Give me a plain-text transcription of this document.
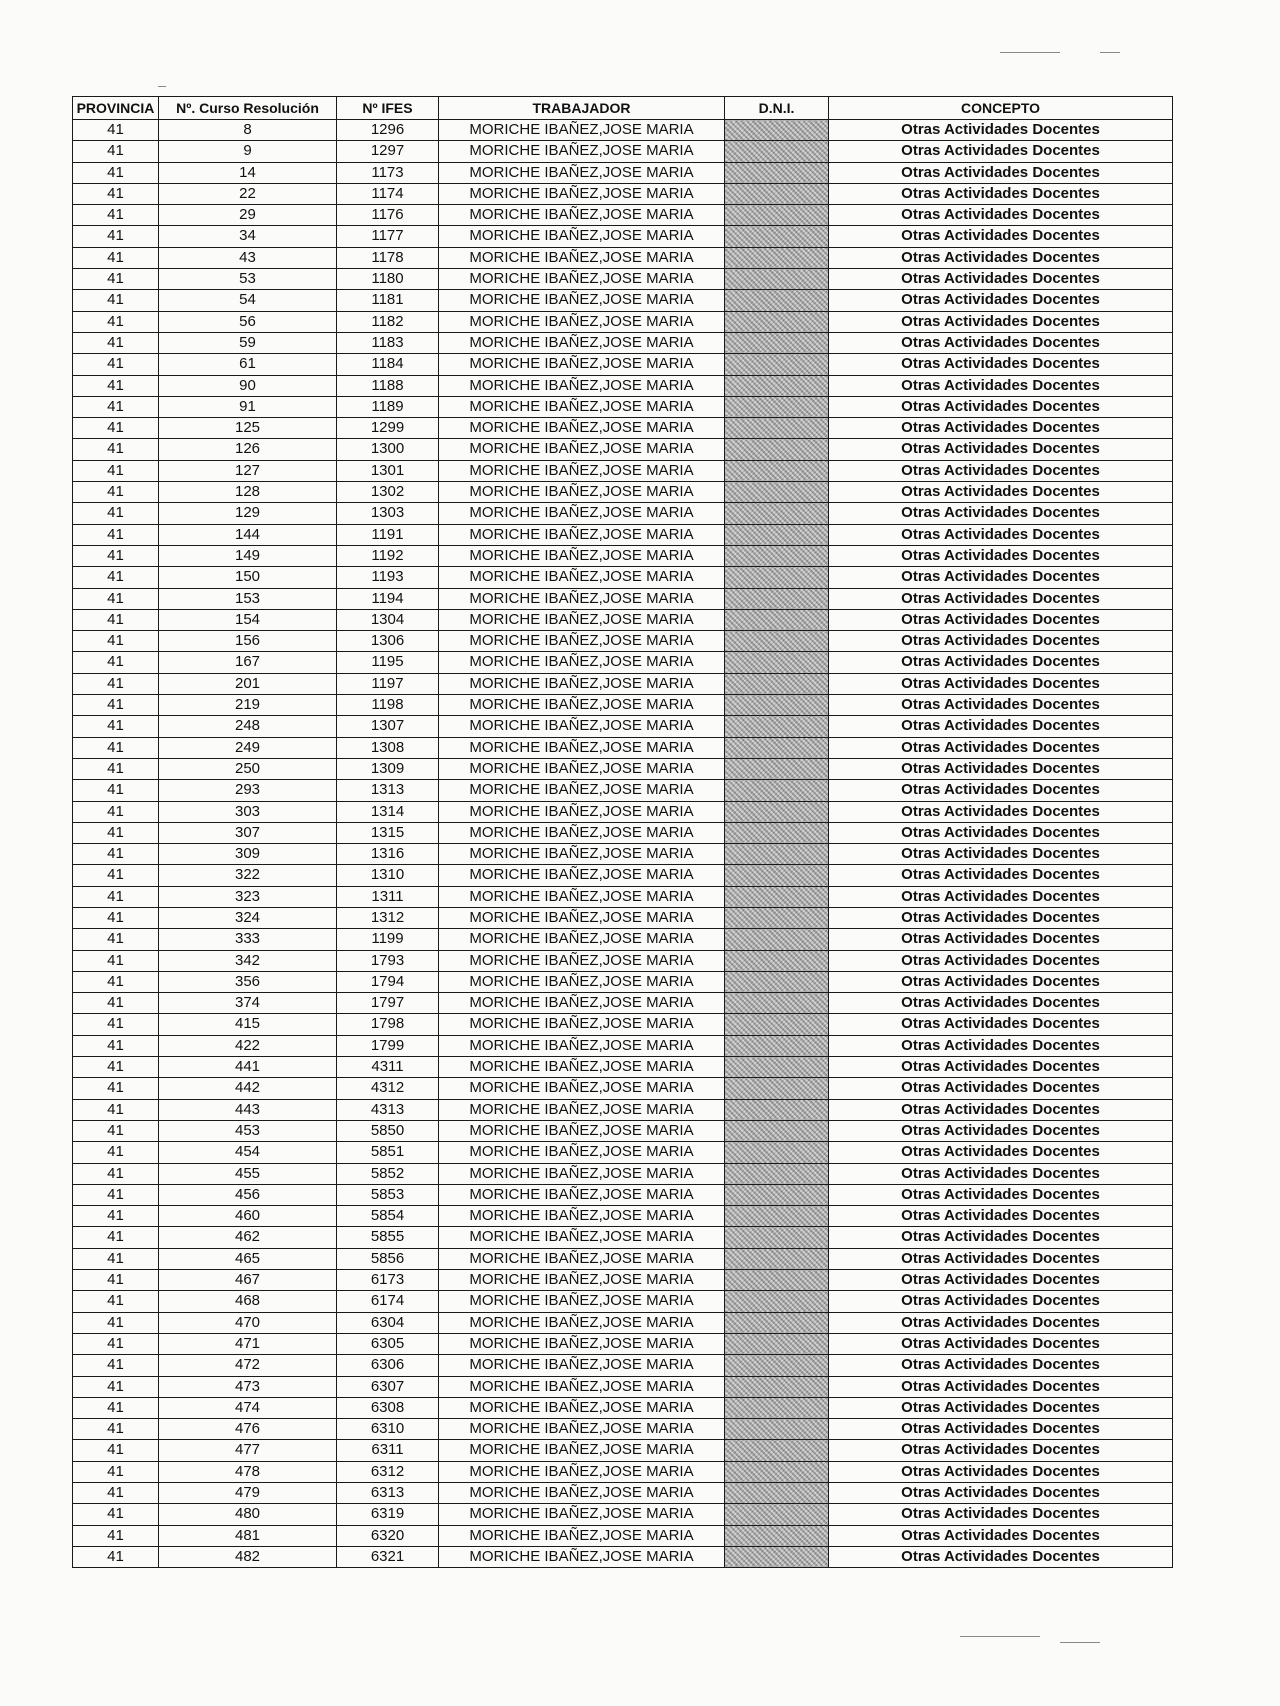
PROVINCIA	Nº. Curso Resolución	Nº IFES	TRABAJADOR	D.N.I.	CONCEPTO
41	8	1296	MORICHE IBAÑEZ,JOSE MARIA		Otras Actividades Docentes
41	9	1297	MORICHE IBAÑEZ,JOSE MARIA		Otras Actividades Docentes
41	14	1173	MORICHE IBAÑEZ,JOSE MARIA		Otras Actividades Docentes
41	22	1174	MORICHE IBAÑEZ,JOSE MARIA		Otras Actividades Docentes
41	29	1176	MORICHE IBAÑEZ,JOSE MARIA		Otras Actividades Docentes
41	34	1177	MORICHE IBAÑEZ,JOSE MARIA		Otras Actividades Docentes
41	43	1178	MORICHE IBAÑEZ,JOSE MARIA		Otras Actividades Docentes
41	53	1180	MORICHE IBAÑEZ,JOSE MARIA		Otras Actividades Docentes
41	54	1181	MORICHE IBAÑEZ,JOSE MARIA		Otras Actividades Docentes
41	56	1182	MORICHE IBAÑEZ,JOSE MARIA		Otras Actividades Docentes
41	59	1183	MORICHE IBAÑEZ,JOSE MARIA		Otras Actividades Docentes
41	61	1184	MORICHE IBAÑEZ,JOSE MARIA		Otras Actividades Docentes
41	90	1188	MORICHE IBAÑEZ,JOSE MARIA		Otras Actividades Docentes
41	91	1189	MORICHE IBAÑEZ,JOSE MARIA		Otras Actividades Docentes
41	125	1299	MORICHE IBAÑEZ,JOSE MARIA		Otras Actividades Docentes
41	126	1300	MORICHE IBAÑEZ,JOSE MARIA		Otras Actividades Docentes
41	127	1301	MORICHE IBAÑEZ,JOSE MARIA		Otras Actividades Docentes
41	128	1302	MORICHE IBAÑEZ,JOSE MARIA		Otras Actividades Docentes
41	129	1303	MORICHE IBAÑEZ,JOSE MARIA		Otras Actividades Docentes
41	144	1191	MORICHE IBAÑEZ,JOSE MARIA		Otras Actividades Docentes
41	149	1192	MORICHE IBAÑEZ,JOSE MARIA		Otras Actividades Docentes
41	150	1193	MORICHE IBAÑEZ,JOSE MARIA		Otras Actividades Docentes
41	153	1194	MORICHE IBAÑEZ,JOSE MARIA		Otras Actividades Docentes
41	154	1304	MORICHE IBAÑEZ,JOSE MARIA		Otras Actividades Docentes
41	156	1306	MORICHE IBAÑEZ,JOSE MARIA		Otras Actividades Docentes
41	167	1195	MORICHE IBAÑEZ,JOSE MARIA		Otras Actividades Docentes
41	201	1197	MORICHE IBAÑEZ,JOSE MARIA		Otras Actividades Docentes
41	219	1198	MORICHE IBAÑEZ,JOSE MARIA		Otras Actividades Docentes
41	248	1307	MORICHE IBAÑEZ,JOSE MARIA		Otras Actividades Docentes
41	249	1308	MORICHE IBAÑEZ,JOSE MARIA		Otras Actividades Docentes
41	250	1309	MORICHE IBAÑEZ,JOSE MARIA		Otras Actividades Docentes
41	293	1313	MORICHE IBAÑEZ,JOSE MARIA		Otras Actividades Docentes
41	303	1314	MORICHE IBAÑEZ,JOSE MARIA		Otras Actividades Docentes
41	307	1315	MORICHE IBAÑEZ,JOSE MARIA		Otras Actividades Docentes
41	309	1316	MORICHE IBAÑEZ,JOSE MARIA		Otras Actividades Docentes
41	322	1310	MORICHE IBAÑEZ,JOSE MARIA		Otras Actividades Docentes
41	323	1311	MORICHE IBAÑEZ,JOSE MARIA		Otras Actividades Docentes
41	324	1312	MORICHE IBAÑEZ,JOSE MARIA		Otras Actividades Docentes
41	333	1199	MORICHE IBAÑEZ,JOSE MARIA		Otras Actividades Docentes
41	342	1793	MORICHE IBAÑEZ,JOSE MARIA		Otras Actividades Docentes
41	356	1794	MORICHE IBAÑEZ,JOSE MARIA		Otras Actividades Docentes
41	374	1797	MORICHE IBAÑEZ,JOSE MARIA		Otras Actividades Docentes
41	415	1798	MORICHE IBAÑEZ,JOSE MARIA		Otras Actividades Docentes
41	422	1799	MORICHE IBAÑEZ,JOSE MARIA		Otras Actividades Docentes
41	441	4311	MORICHE IBAÑEZ,JOSE MARIA		Otras Actividades Docentes
41	442	4312	MORICHE IBAÑEZ,JOSE MARIA		Otras Actividades Docentes
41	443	4313	MORICHE IBAÑEZ,JOSE MARIA		Otras Actividades Docentes
41	453	5850	MORICHE IBAÑEZ,JOSE MARIA		Otras Actividades Docentes
41	454	5851	MORICHE IBAÑEZ,JOSE MARIA		Otras Actividades Docentes
41	455	5852	MORICHE IBAÑEZ,JOSE MARIA		Otras Actividades Docentes
41	456	5853	MORICHE IBAÑEZ,JOSE MARIA		Otras Actividades Docentes
41	460	5854	MORICHE IBAÑEZ,JOSE MARIA		Otras Actividades Docentes
41	462	5855	MORICHE IBAÑEZ,JOSE MARIA		Otras Actividades Docentes
41	465	5856	MORICHE IBAÑEZ,JOSE MARIA		Otras Actividades Docentes
41	467	6173	MORICHE IBAÑEZ,JOSE MARIA		Otras Actividades Docentes
41	468	6174	MORICHE IBAÑEZ,JOSE MARIA		Otras Actividades Docentes
41	470	6304	MORICHE IBAÑEZ,JOSE MARIA		Otras Actividades Docentes
41	471	6305	MORICHE IBAÑEZ,JOSE MARIA		Otras Actividades Docentes
41	472	6306	MORICHE IBAÑEZ,JOSE MARIA		Otras Actividades Docentes
41	473	6307	MORICHE IBAÑEZ,JOSE MARIA		Otras Actividades Docentes
41	474	6308	MORICHE IBAÑEZ,JOSE MARIA		Otras Actividades Docentes
41	476	6310	MORICHE IBAÑEZ,JOSE MARIA		Otras Actividades Docentes
41	477	6311	MORICHE IBAÑEZ,JOSE MARIA		Otras Actividades Docentes
41	478	6312	MORICHE IBAÑEZ,JOSE MARIA		Otras Actividades Docentes
41	479	6313	MORICHE IBAÑEZ,JOSE MARIA		Otras Actividades Docentes
41	480	6319	MORICHE IBAÑEZ,JOSE MARIA		Otras Actividades Docentes
41	481	6320	MORICHE IBAÑEZ,JOSE MARIA		Otras Actividades Docentes
41	482	6321	MORICHE IBAÑEZ,JOSE MARIA		Otras Actividades Docentes
